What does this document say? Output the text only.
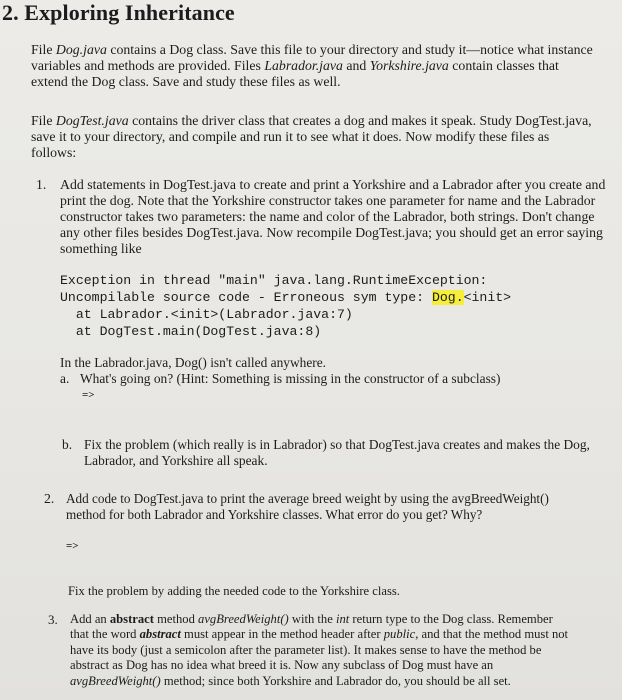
2. Exploring Inheritance
File Dog.java contains a Dog class. Save this file to your directory and study it—notice what instance variables and methods are provided. Files Labrador.java and Yorkshire.java contain classes that extend the Dog class. Save and study these files as well.
File DogTest.java contains the driver class that creates a dog and makes it speak. Study DogTest.java, save it to your directory, and compile and run it to see what it does. Now modify these files as follows:
1. Add statements in DogTest.java to create and print a Yorkshire and a Labrador after you create and print the dog. Note that the Yorkshire constructor takes one parameter for name and the Labrador constructor takes two parameters: the name and color of the Labrador, both strings. Don't change any other files besides DogTest.java. Now recompile DogTest.java; you should get an error saying something like
Exception in thread "main" java.lang.RuntimeException:
Uncompilable source code - Erroneous sym type: Dog.<init>
at Labrador.<init>(Labrador.java:7)
at DogTest.main(DogTest.java:8)
In the Labrador.java, Dog() isn't called anywhere.
a. What's going on? (Hint: Something is missing in the constructor of a subclass)
=>
b. Fix the problem (which really is in Labrador) so that DogTest.java creates and makes the Dog, Labrador, and Yorkshire all speak.
2. Add code to DogTest.java to print the average breed weight by using the avgBreedWeight() method for both Labrador and Yorkshire classes. What error do you get? Why?
=>
Fix the problem by adding the needed code to the Yorkshire class.
3. Add an abstract method avgBreedWeight() with the int return type to the Dog class. Remember that the word abstract must appear in the method header after public, and that the method must not have its body (just a semicolon after the parameter list). It makes sense to have the method be abstract as Dog has no idea what breed it is. Now any subclass of Dog must have an avgBreedWeight() method; since both Yorkshire and Labrador do, you should be all set.
